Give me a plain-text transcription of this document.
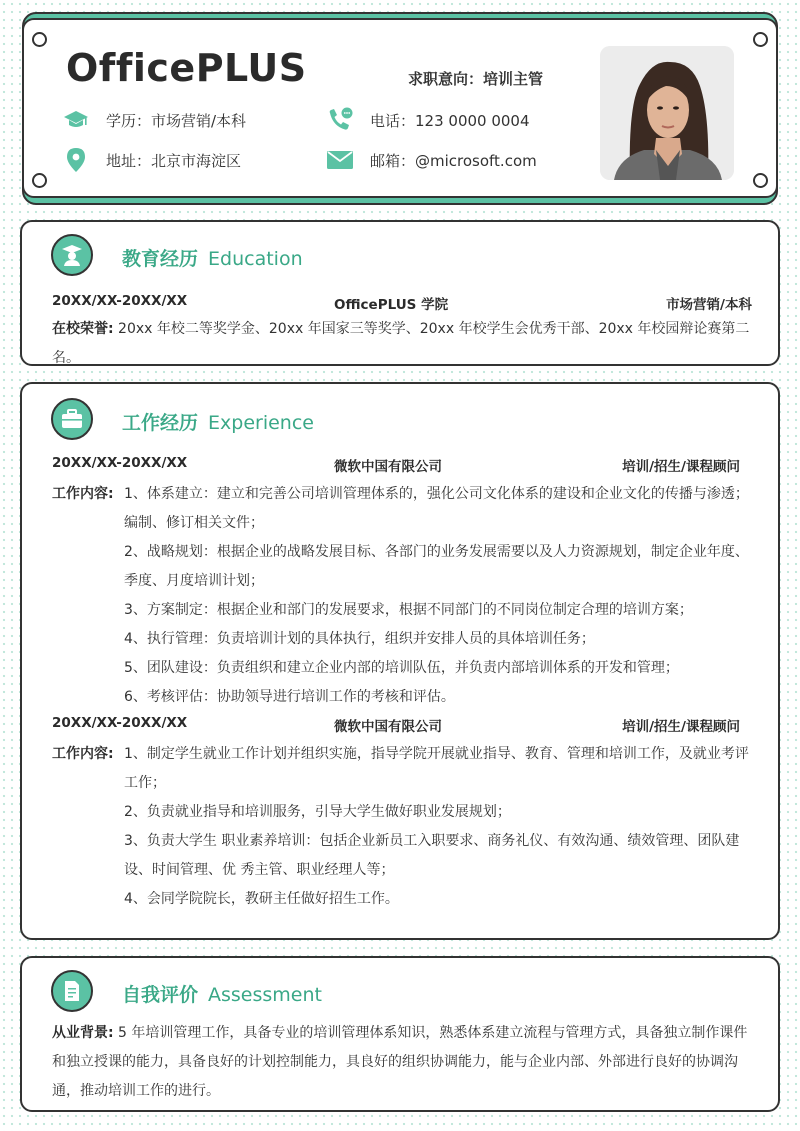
OfficePLUS	求职意向：培训主管
学历：市场营销/本科	电话：123 0000 0004
地址：北京市海淀区	邮箱：@microsoft.com
教育经历 Education
20XX/XX-20XX/XX	OfficePLUS 学院	市场营销/本科
在校荣誉: 20xx 年校二等奖学金、20xx 年国家三等奖学、20xx 年校学生会优秀干部、20xx 年校园辩论赛第二名。
工作经历 Experience
20XX/XX-20XX/XX	微软中国有限公司	培训/招生/课程顾问
工作内容: 1、体系建立：建立和完善公司培训管理体系的，强化公司文化体系的建设和企业文化的传播与渗透；编制、修订相关文件；
2、战略规划：根据企业的战略发展目标、各部门的业务发展需要以及人力资源规划，制定企业年度、季度、月度培训计划；
3、方案制定：根据企业和部门的发展要求，根据不同部门的不同岗位制定合理的培训方案；
4、执行管理：负责培训计划的具体执行，组织并安排人员的具体培训任务；
5、团队建设：负责组织和建立企业内部的培训队伍，并负责内部培训体系的开发和管理；
6、考核评估：协助领导进行培训工作的考核和评估。
20XX/XX-20XX/XX	微软中国有限公司	培训/招生/课程顾问
工作内容: 1、制定学生就业工作计划并组织实施，指导学院开展就业指导、教育、管理和培训工作，及就业考评工作；
2、负责就业指导和培训服务，引导大学生做好职业发展规划；
3、负责大学生 职业素养培训：包括企业新员工入职要求、商务礼仪、有效沟通、绩效管理、团队建设、时间管理、优 秀主管、职业经理人等；
4、会同学院院长，教研主任做好招生工作。
自我评价 Assessment
从业背景: 5 年培训管理工作，具备专业的培训管理体系知识，熟悉体系建立流程与管理方式，具备独立制作课件和独立授课的能力，具备良好的计划控制能力，具良好的组织协调能力，能与企业内部、外部进行良好的协调沟通，推动培训工作的进行。
